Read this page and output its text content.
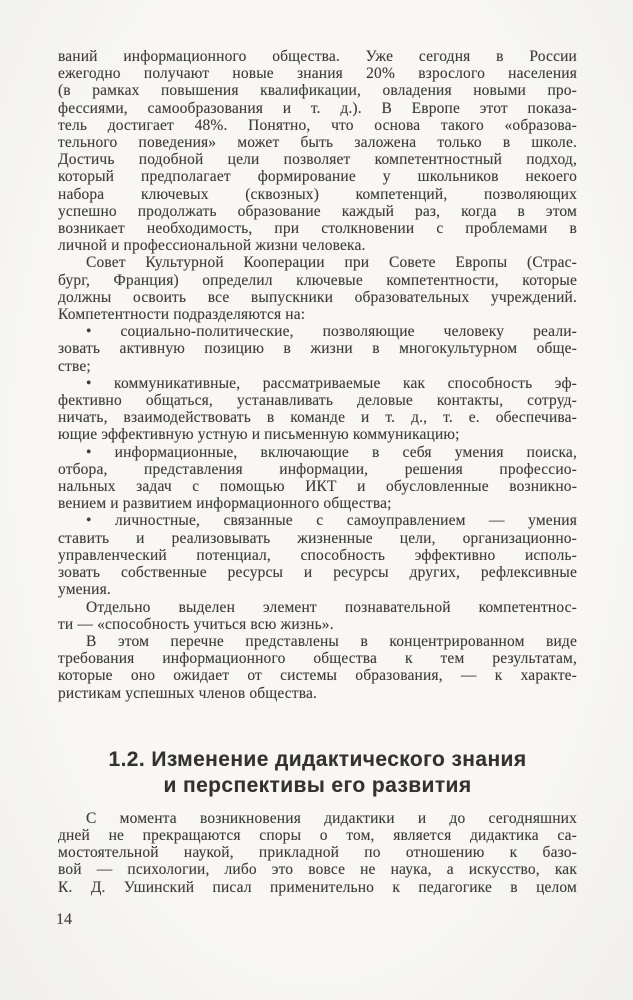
ваний информационного общества. Уже сегодня в России
ежегодно получают новые знания 20% взрослого населения
(в рамках повышения квалификации, овладения новыми про-
фессиями, самообразования и т. д.). В Европе этот показа-
тель достигает 48%. Понятно, что основа такого «образова-
тельного поведения» может быть заложена только в школе.
Достичь подобной цели позволяет компетентностный подход,
который предполагает формирование у школьников некоего
набора ключевых (сквозных) компетенций, позволяющих
успешно продолжать образование каждый раз, когда в этом
возникает необходимость, при столкновении с проблемами в
личной и профессиональной жизни человека.

Совет Культурной Кооперации при Совете Европы (Страс-
бург, Франция) определил ключевые компетентности, которые
должны освоить все выпускники образовательных учреждений.
Компетентности подразделяются на:

• социально-политические, позволяющие человеку реали-
зовать активную позицию в жизни в многокультурном обще-
стве;

• коммуникативные, рассматриваемые как способность эф-
фективно общаться, устанавливать деловые контакты, сотруд-
ничать, взаимодействовать в команде и т. д., т. е. обеспечива-
ющие эффективную устную и письменную коммуникацию;

• информационные, включающие в себя умения поиска,
отбора, представления информации, решения профессио-
нальных задач с помощью ИКТ и обусловленные возникно-
вением и развитием информационного общества;

• личностные, связанные с самоуправлением — умения
ставить и реализовывать жизненные цели, организационно-
управленческий потенциал, способность эффективно исполь-
зовать собственные ресурсы и ресурсы других, рефлексивные
умения.

Отдельно выделен элемент познавательной компетентнос-
ти — «способность учиться всю жизнь».

В этом перечне представлены в концентрированном виде
требования информационного общества к тем результатам,
которые оно ожидает от системы образования, — к характе-
ристикам успешных членов общества.

1.2. Изменение дидактического знания
и перспективы его развития

С момента возникновения дидактики и до сегодняшних
дней не прекращаются споры о том, является дидактика са-
мостоятельной наукой, прикладной по отношению к базо-
вой — психологии, либо это вовсе не наука, а искусство, как
К. Д. Ушинский писал применительно к педагогике в целом

14
